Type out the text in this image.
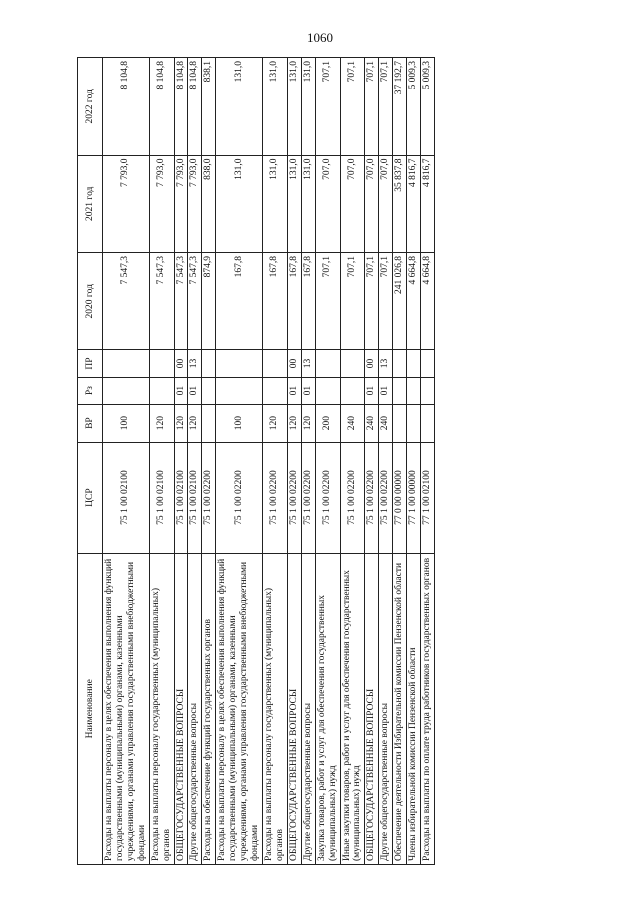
1060
Наименование	ЦСР	ВР	Рз	ПР	2020 год	2021 год	2022 год
Расходы на выплаты персоналу в целях обеспечения выполнения функций государственными (муниципальными) органами, казенными учреждениями, органами управления государственными внебюджетными фондами	75 1 00 02100	100			7 547,3	7 793,0	8 104,8
Расходы на выплаты персоналу государственных (муниципальных) органов	75 1 00 02100	120			7 547,3	7 793,0	8 104,8
ОБЩЕГОСУДАРСТВЕННЫЕ ВОПРОСЫ	75 1 00 02100	120	01	00	7 547,3	7 793,0	8 104,8
Другие общегосударственные вопросы	75 1 00 02100	120	01	13	7 547,3	7 793,0	8 104,8
Расходы на обеспечение функций государственных органов	75 1 00 02200				874,9	838,0	838,1
Расходы на выплаты персоналу в целях обеспечения выполнения функций государственными (муниципальными) органами, казенными учреждениями, органами управления государственными внебюджетными фондами	75 1 00 02200	100			167,8	131,0	131,0
Расходы на выплаты персоналу государственных (муниципальных) органов	75 1 00 02200	120			167,8	131,0	131,0
ОБЩЕГОСУДАРСТВЕННЫЕ ВОПРОСЫ	75 1 00 02200	120	01	00	167,8	131,0	131,0
Другие общегосударственные вопросы	75 1 00 02200	120	01	13	167,8	131,0	131,0
Закупка товаров, работ и услуг для обеспечения государственных (муниципальных) нужд	75 1 00 02200	200			707,1	707,0	707,1
Иные закупки товаров, работ и услуг для обеспечения государственных (муниципальных) нужд	75 1 00 02200	240			707,1	707,0	707,1
ОБЩЕГОСУДАРСТВЕННЫЕ ВОПРОСЫ	75 1 00 02200	240	01	00	707,1	707,0	707,1
Другие общегосударственные вопросы	75 1 00 02200	240	01	13	707,1	707,0	707,1
Обеспечение деятельности Избирательной комиссии Пензенской области	77 0 00 00000				241 026,8	35 837,8	37 192,7
Члены избирательной комиссии Пензенской области	77 1 00 00000				4 664,8	4 816,7	5 009,3
Расходы на выплаты по оплате труда работников государственных органов	77 1 00 02100				4 664,8	4 816,7	5 009,3
